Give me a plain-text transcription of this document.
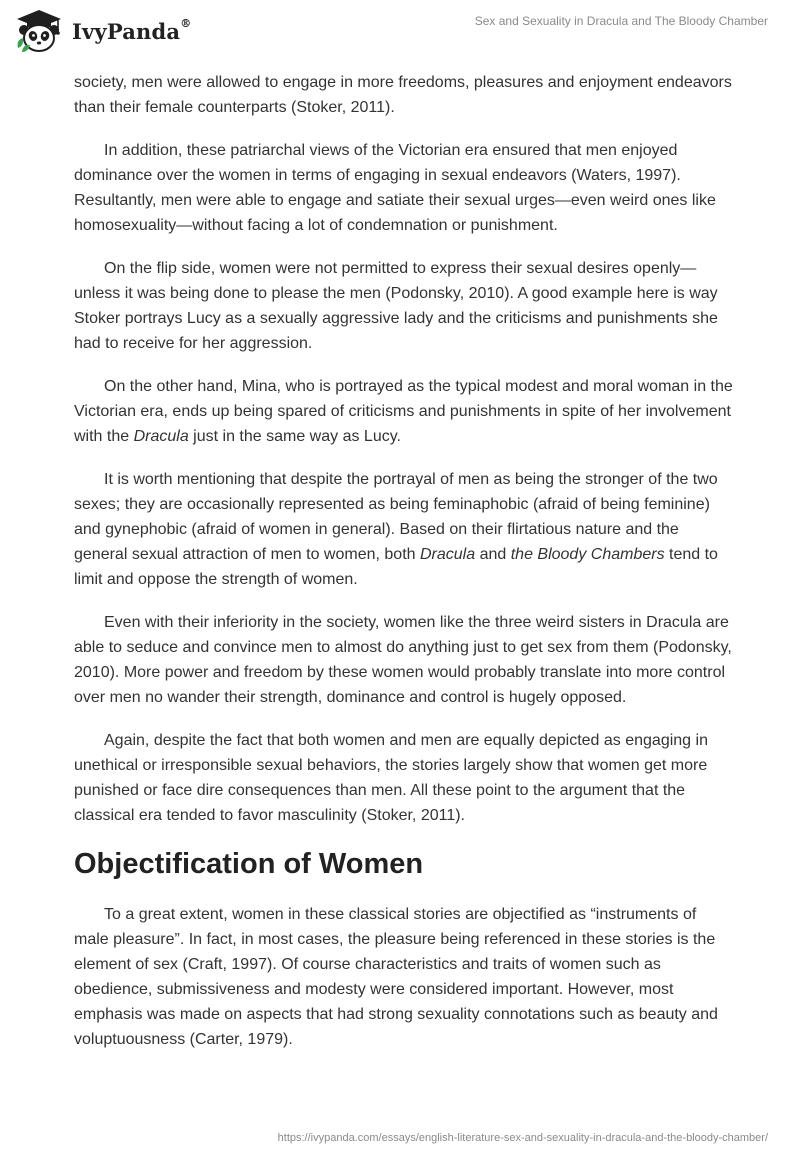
IvyPanda®	Sex and Sexuality in Dracula and The Bloody Chamber

society, men were allowed to engage in more freedoms, pleasures and enjoyment endeavors than their female counterparts (Stoker, 2011).

In addition, these patriarchal views of the Victorian era ensured that men enjoyed dominance over the women in terms of engaging in sexual endeavors (Waters, 1997). Resultantly, men were able to engage and satiate their sexual urges—even weird ones like homosexuality—without facing a lot of condemnation or punishment.

On the flip side, women were not permitted to express their sexual desires openly—unless it was being done to please the men (Podonsky, 2010). A good example here is way Stoker portrays Lucy as a sexually aggressive lady and the criticisms and punishments she had to receive for her aggression.

On the other hand, Mina, who is portrayed as the typical modest and moral woman in the Victorian era, ends up being spared of criticisms and punishments in spite of her involvement with the Dracula just in the same way as Lucy.

It is worth mentioning that despite the portrayal of men as being the stronger of the two sexes; they are occasionally represented as being feminaphobic (afraid of being feminine) and gynephobic (afraid of women in general). Based on their flirtatious nature and the general sexual attraction of men to women, both Dracula and the Bloody Chambers tend to limit and oppose the strength of women.

Even with their inferiority in the society, women like the three weird sisters in Dracula are able to seduce and convince men to almost do anything just to get sex from them (Podonsky, 2010). More power and freedom by these women would probably translate into more control over men no wander their strength, dominance and control is hugely opposed.

Again, despite the fact that both women and men are equally depicted as engaging in unethical or irresponsible sexual behaviors, the stories largely show that women get more punished or face dire consequences than men. All these point to the argument that the classical era tended to favor masculinity (Stoker, 2011).

Objectification of Women

To a great extent, women in these classical stories are objectified as “instruments of male pleasure”. In fact, in most cases, the pleasure being referenced in these stories is the element of sex (Craft, 1997). Of course characteristics and traits of women such as obedience, submissiveness and modesty were considered important. However, most emphasis was made on aspects that had strong sexuality connotations such as beauty and voluptuousness (Carter, 1979).

https://ivypanda.com/essays/english-literature-sex-and-sexuality-in-dracula-and-the-bloody-chamber/
